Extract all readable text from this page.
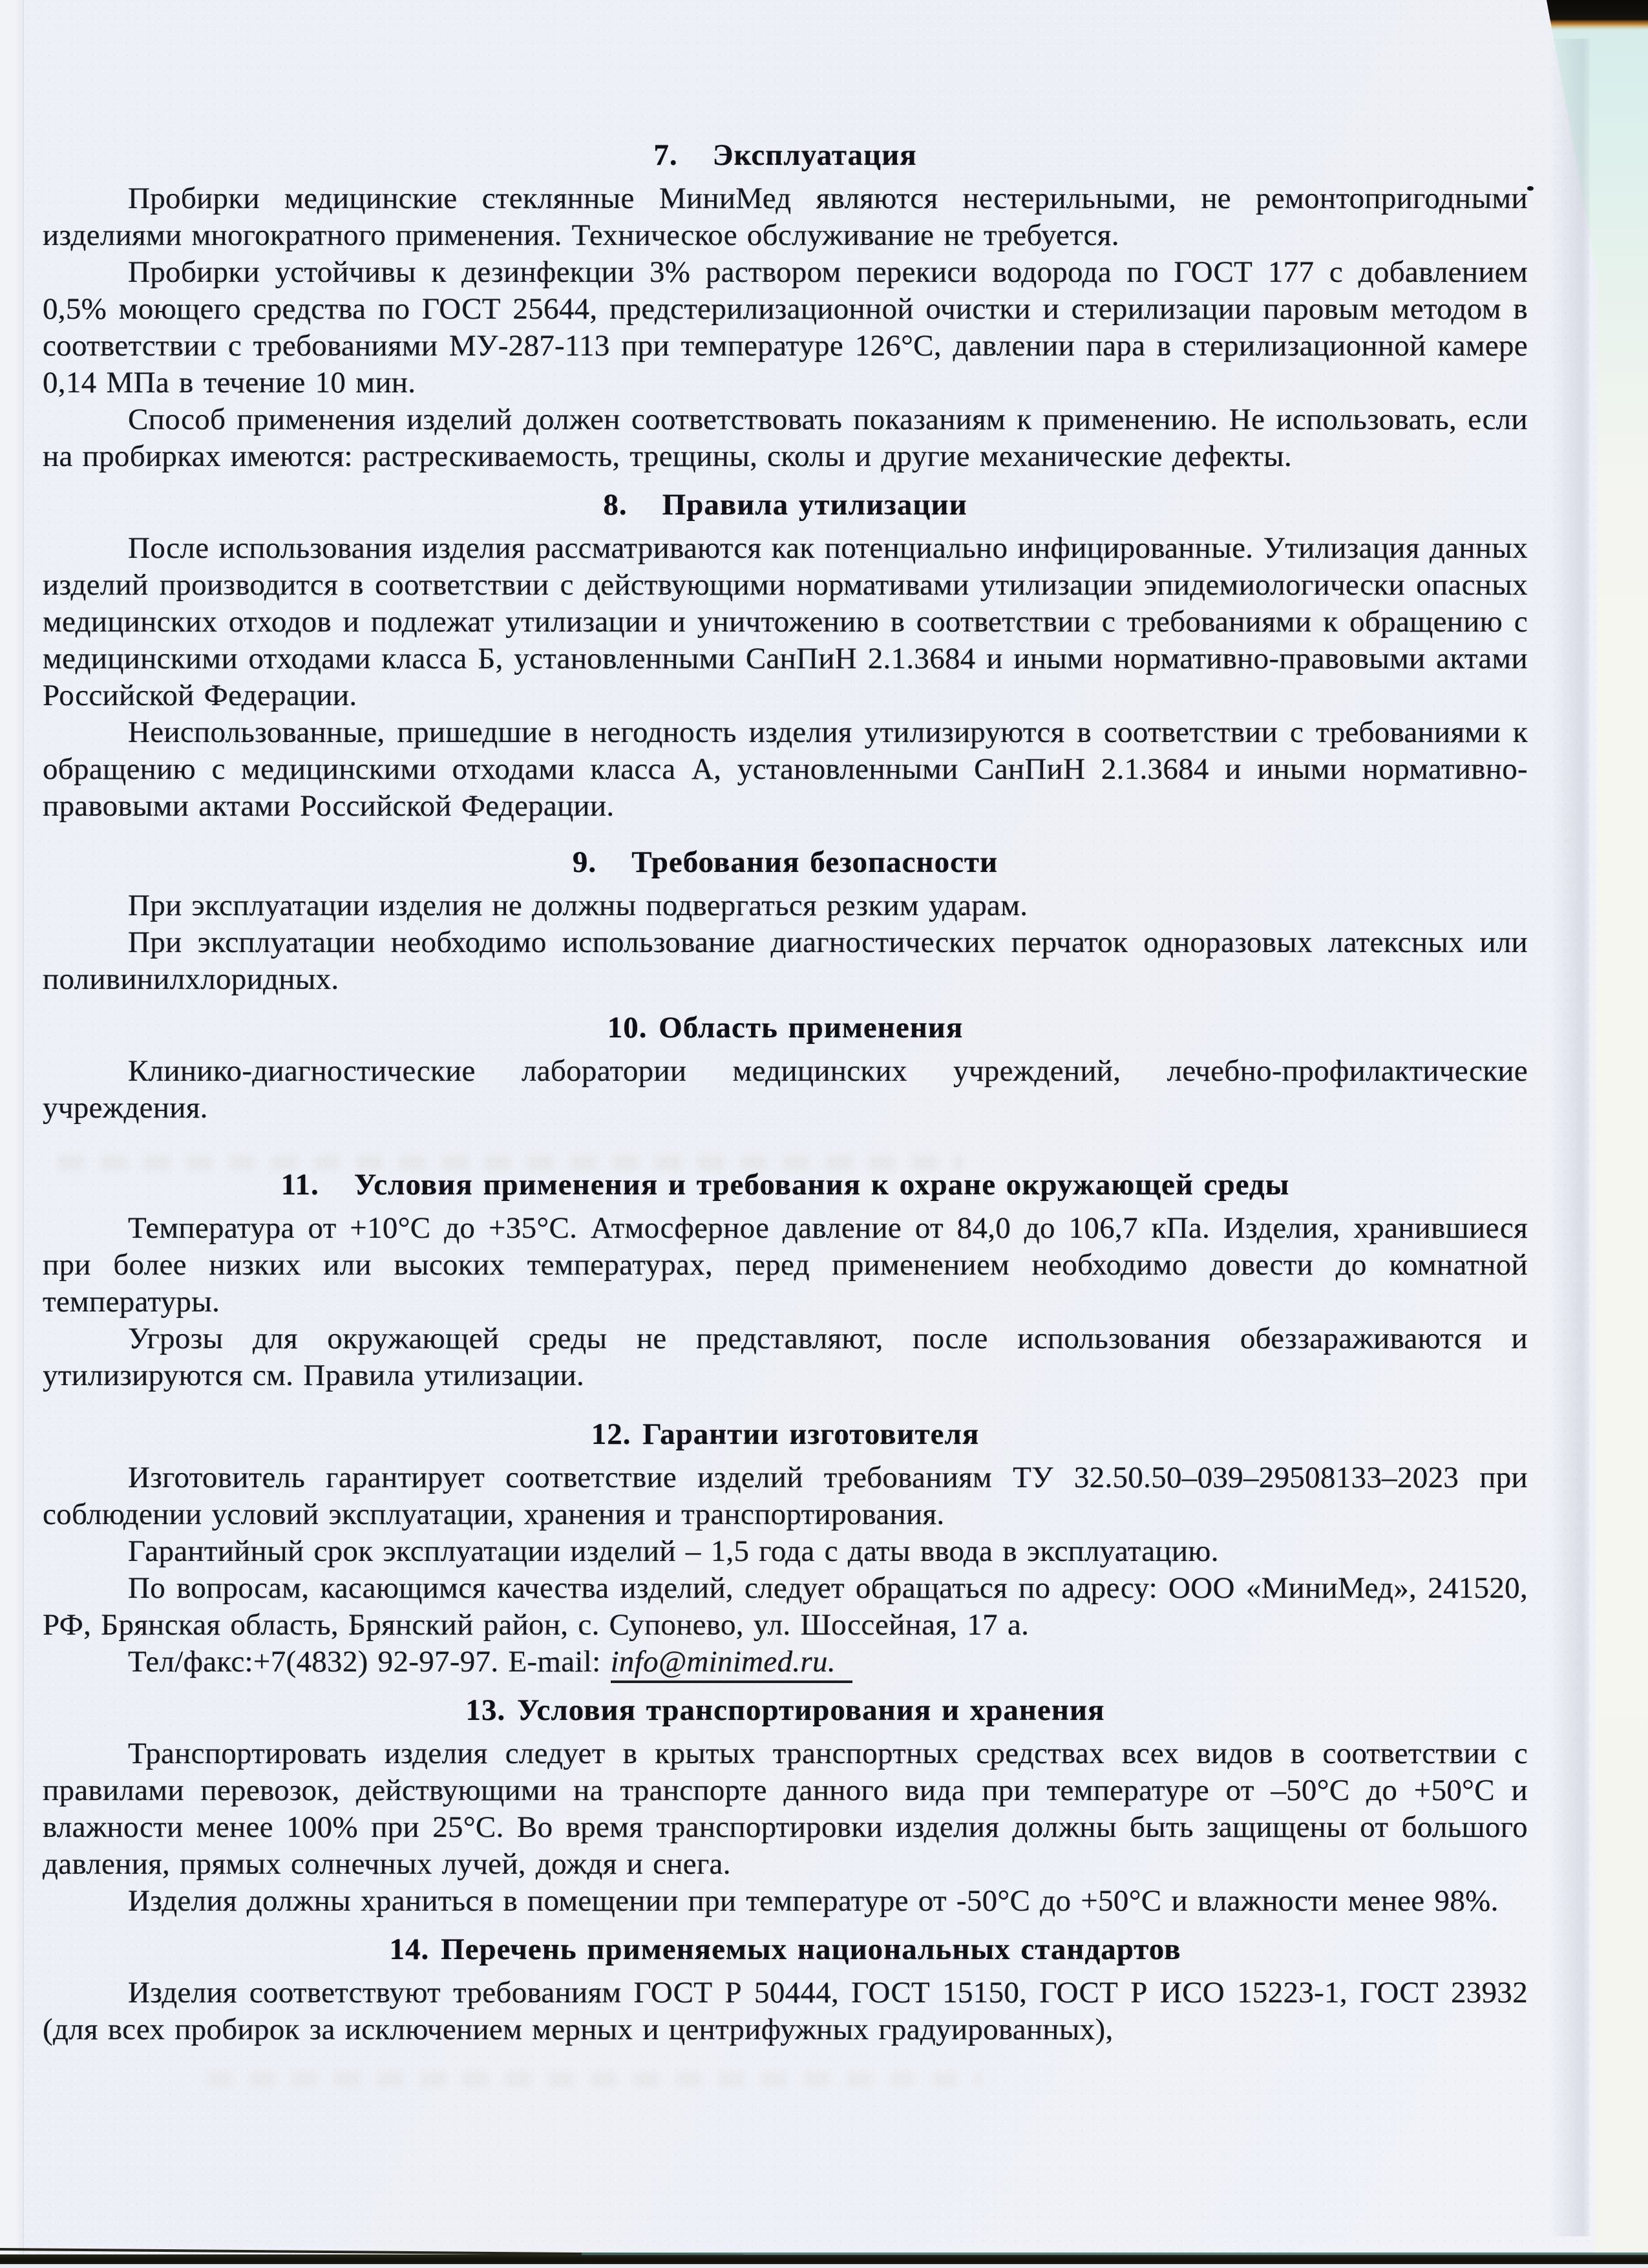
7. Эксплуатация

Пробирки медицинские стеклянные МиниМед являются нестерильными, не ремонтопригодными изделиями многократного применения. Техническое обслуживание не требуется.

Пробирки устойчивы к дезинфекции 3% раствором перекиси водорода по ГОСТ 177 с добавлением 0,5% моющего средства по ГОСТ 25644, предстерилизационной очистки и стерилизации паровым методом в соответствии с требованиями МУ-287-113 при температуре 126°С, давлении пара в стерилизационной камере 0,14 МПа в течение 10 мин.

Способ применения изделий должен соответствовать показаниям к применению. Не использовать, если на пробирках имеются: растрескиваемость, трещины, сколы и другие механические дефекты.

8. Правила утилизации

После использования изделия рассматриваются как потенциально инфицированные. Утилизация данных изделий производится в соответствии с действующими нормативами утилизации эпидемиологически опасных медицинских отходов и подлежат утилизации и уничтожению в соответствии с требованиями к обращению с медицинскими отходами класса Б, установленными СанПиН 2.1.3684 и иными нормативно-правовыми актами Российской Федерации.

Неиспользованные, пришедшие в негодность изделия утилизируются в соответствии с требованиями к обращению с медицинскими отходами класса А, установленными СанПиН 2.1.3684 и иными нормативно-правовыми актами Российской Федерации.

9. Требования безопасности

При эксплуатации изделия не должны подвергаться резким ударам.

При эксплуатации необходимо использование диагностических перчаток одноразовых латексных или поливинилхлоридных.

10. Область применения

Клинико-диагностические лаборатории медицинских учреждений, лечебно-профилактические учреждения.

11. Условия применения и требования к охране окружающей среды

Температура от +10°С до +35°С. Атмосферное давление от 84,0 до 106,7 кПа. Изделия, хранившиеся при более низких или высоких температурах, перед применением необходимо довести до комнатной температуры.

Угрозы для окружающей среды не представляют, после использования обеззараживаются и утилизируются см. Правила утилизации.

12. Гарантии изготовителя

Изготовитель гарантирует соответствие изделий требованиям ТУ 32.50.50–039–29508133–2023 при соблюдении условий эксплуатации, хранения и транспортирования.

Гарантийный срок эксплуатации изделий – 1,5 года с даты ввода в эксплуатацию.

По вопросам, касающимся качества изделий, следует обращаться по адресу: ООО «МиниМед», 241520, РФ, Брянская область, Брянский район, с. Супонево, ул. Шоссейная, 17 а.

Тел/факс:+7(4832) 92-97-97. E-mail: info@minimed.ru.

13. Условия транспортирования и хранения

Транспортировать изделия следует в крытых транспортных средствах всех видов в соответствии с правилами перевозок, действующими на транспорте данного вида при температуре от –50°С до +50°С и влажности менее 100% при 25°С. Во время транспортировки изделия должны быть защищены от большого давления, прямых солнечных лучей, дождя и снега.

Изделия должны храниться в помещении при температуре от -50°С до +50°С и влажности менее 98%.

14. Перечень применяемых национальных стандартов

Изделия соответствуют требованиям ГОСТ Р 50444, ГОСТ 15150, ГОСТ Р ИСО 15223-1, ГОСТ 23932 (для всех пробирок за исключением мерных и центрифужных градуированных),
